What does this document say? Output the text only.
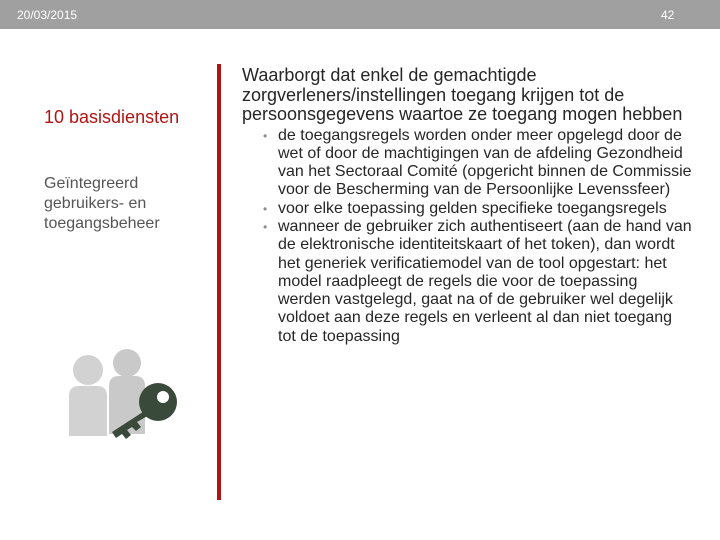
20/03/2015	42
10 basisdiensten
Geïntegreerd gebruikers- en toegangsbeheer

Waarborgt dat enkel de gemachtigde zorgverleners/instellingen toegang krijgen tot de persoonsgegevens waartoe ze toegang mogen hebben

• de toegangsregels worden onder meer opgelegd door de wet of door de machtigingen van de afdeling Gezondheid van het Sectoraal Comité (opgericht binnen de Commissie voor de Bescherming van de Persoonlijke Levenssfeer)
• voor elke toepassing gelden specifieke toegangsregels
• wanneer de gebruiker zich authentiseert (aan de hand van de elektronische identiteitskaart of het token), dan wordt het generiek verificatiemodel van de tool opgestart: het model raadpleegt de regels die voor de toepassing werden vastgelegd, gaat na of de gebruiker wel degelijk voldoet aan deze regels en verleent al dan niet toegang tot de toepassing
